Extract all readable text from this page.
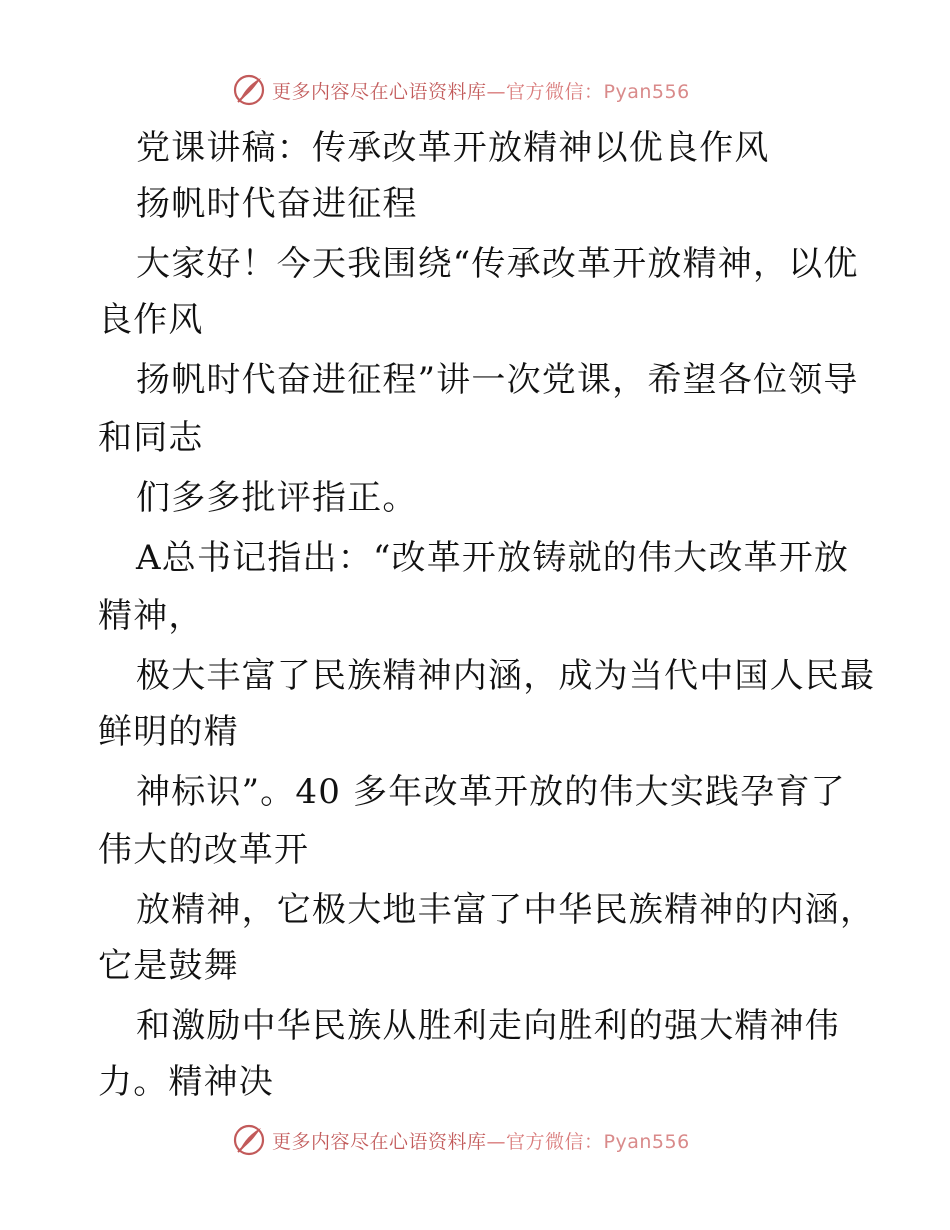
更多内容尽在心语资料库—官方微信：Pyan556
党课讲稿：传承改革开放精神以优良作风
扬帆时代奋进征程
大家好！今天我围绕“传承改革开放精神，以优
良作风
扬帆时代奋进征程”讲一次党课，希望各位领导
和同志
们多多批评指正。
A总书记指出：“改革开放铸就的伟大改革开放
精神，
极大丰富了民族精神内涵，成为当代中国人民最
鲜明的精
神标识”。40 多年改革开放的伟大实践孕育了
伟大的改革开
放精神，它极大地丰富了中华民族精神的内涵，
它是鼓舞
和激励中华民族从胜利走向胜利的强大精神伟
力。精神决
更多内容尽在心语资料库—官方微信：Pyan556
